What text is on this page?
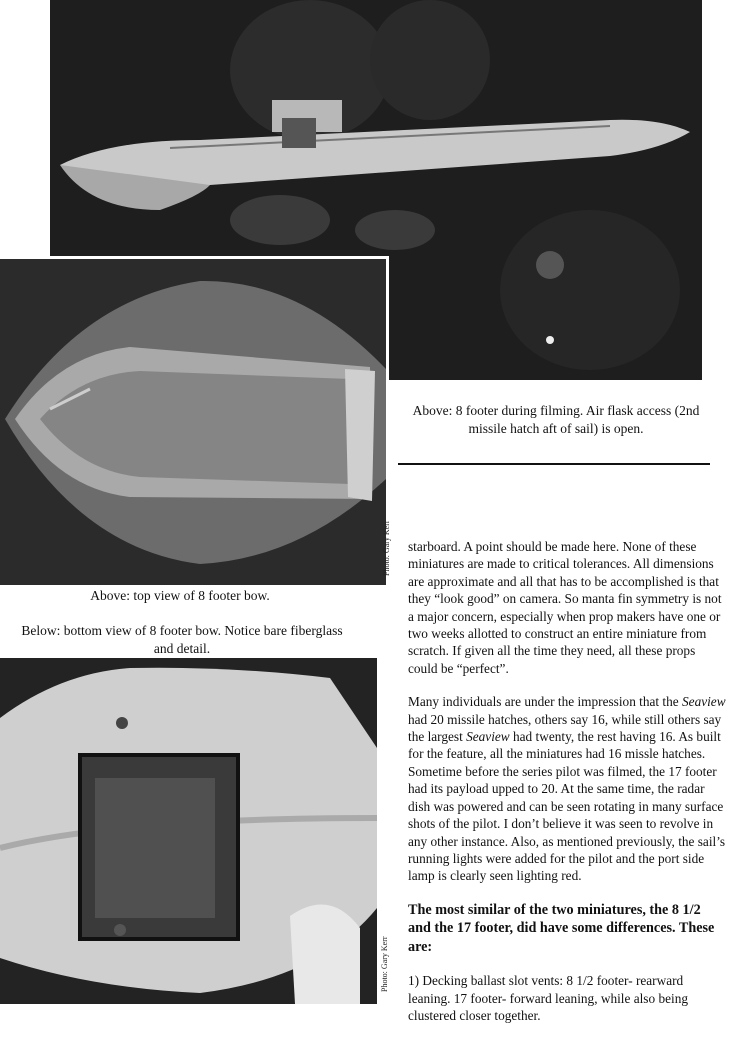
Photo: Gary Kerr
Above: 8 footer during filming. Air flask access (2nd missile hatch aft of sail) is open.
Above: top view of 8 footer bow.
Below: bottom view of 8 footer bow. Notice bare fiberglass and detail.
Photo: Gary Kerr

starboard. A point should be made here. None of these miniatures are made to critical tolerances. All dimensions are approximate and all that has to be accomplished is that they “look good” on camera. So manta fin symmetry is not a major concern, especially when prop makers have one or two weeks allotted to construct an entire miniature from scratch. If given all the time they need, all these props could be “perfect”.

Many individuals are under the impression that the Seaview had 20 missile hatches, others say 16, while still others say the largest Seaview had twenty, the rest having 16. As built for the feature, all the miniatures had 16 missle hatches. Sometime before the series pilot was filmed, the 17 footer had its payload upped to 20. At the same time, the radar dish was powered and can be seen rotating in many surface shots of the pilot. I don’t believe it was seen to revolve in any other instance. Also, as mentioned previously, the sail’s running lights were added for the pilot and the port side lamp is clearly seen lighting red.

The most similar of the two miniatures, the 8 1/2 and the 17 footer, did have some differences. These are:

1) Decking ballast slot vents: 8 1/2 footer- rearward leaning. 17 footer- forward leaning, while also being clustered closer together.
